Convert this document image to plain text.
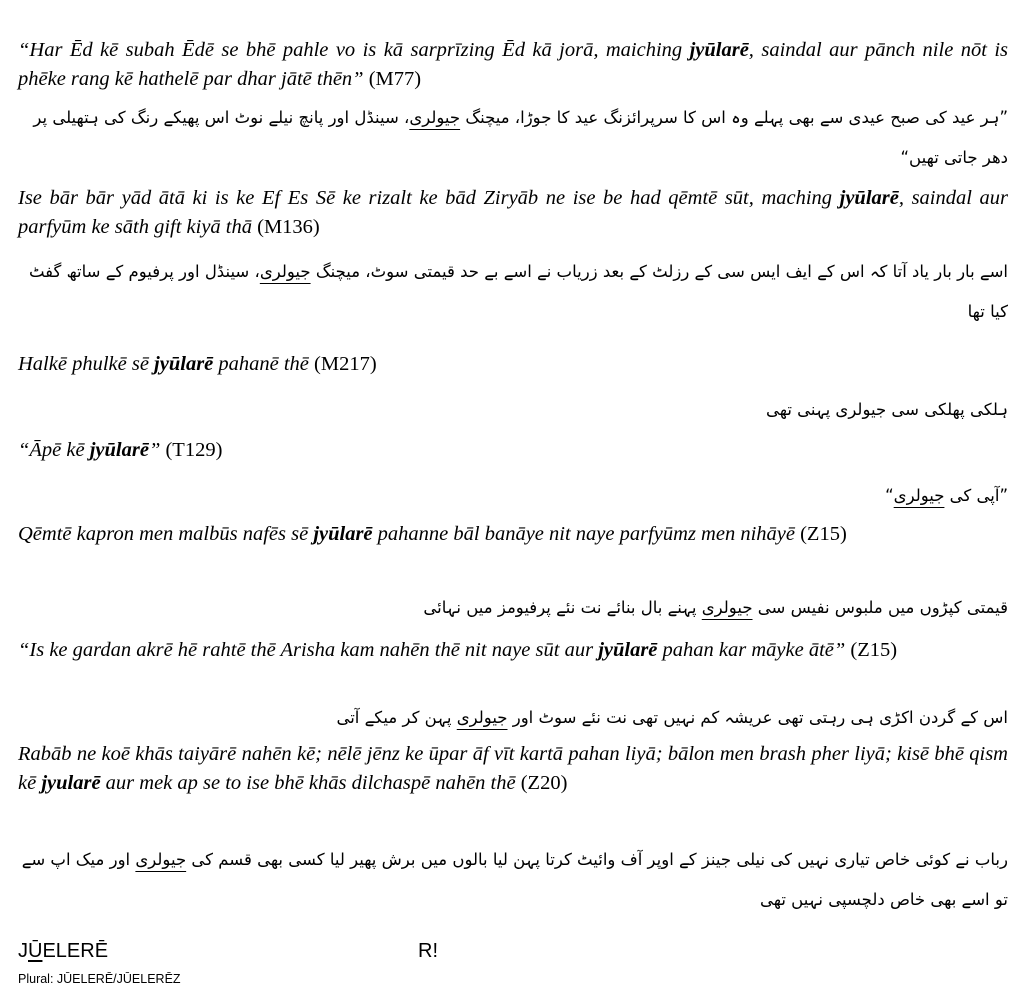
“Har Ēd kē subah Ēdē se bhē pahle vo is kā sarprīzing Ēd kā jorā, maiching jyūlarē, saindal aur pānch nile nōt is phēke rang kē hathelē par dhar jātē thēn” (M77)

”ہر عید کی صبح عیدی سے بھی پہلے وہ اس کا سرپرائزنگ عید کا جوڑا، میچنگ جیولری، سینڈل اور پانچ نیلے نوٹ اس پھیکے رنگ کی ہتھیلی پر دھر جاتی تھیں“

Ise bār bār yād ātā ki is ke Ef Es Sē ke rizalt ke bād Ziryāb ne ise be had qēmtē sūt, maching jyūlarē, saindal aur parfyūm ke sāth gift kiyā thā (M136)

اسے بار بار یاد آتا کہ اس کے ایف ایس سی کے رزلٹ کے بعد زریاب نے اسے بے حد قیمتی سوٹ، میچنگ جیولری، سینڈل اور پرفیوم کے ساتھ گفٹ کیا تھا

Halkē phulkē sē jyūlarē pahanē thē (M217)

ہلکی پھلکی سی جیولری پہنی تھی

“Āpē kē jyūlarē” (T129)

”آپی کی جیولری“

Qēmtē kapron men malbūs nafēs sē jyūlarē pahanne bāl banāye nit naye parfyūmz men nihāyē (Z15)

قیمتی کپڑوں میں ملبوس نفیس سی جیولری پہنے بال بنائے نت نئے پرفیومز میں نہائی

“Is ke gardan akrē hē rahtē thē Arisha kam nahēn thē nit naye sūt aur jyūlarē pahan kar māyke ātē” (Z15)

اس کے گردن اکڑی ہی رہتی تھی عریشہ کم نہیں تھی نت نئے سوٹ اور جیولری پہن کر میکے آتی

Rabāb ne koē khās taiyārē nahēn kē; nēlē jēnz ke ūpar āf vīt kartā pahan liyā; bālon men brash pher liyā; kisē bhē qism kē jyularē aur mek ap se to ise bhē khās dilchaspē nahēn thē (Z20)

رباب نے کوئی خاص تیاری نہیں کی نیلی جینز کے اوپر آف وائیٹ کرتا پہن لیا بالوں میں برش پھیر لیا کسی بھی قسم کی جیولری اور میک اپ سے تو اسے بھی خاص دلچسپی نہیں تھی

JŪELERĒ	R!
Plural: JŪELERĒ/JŪELERĒZ
